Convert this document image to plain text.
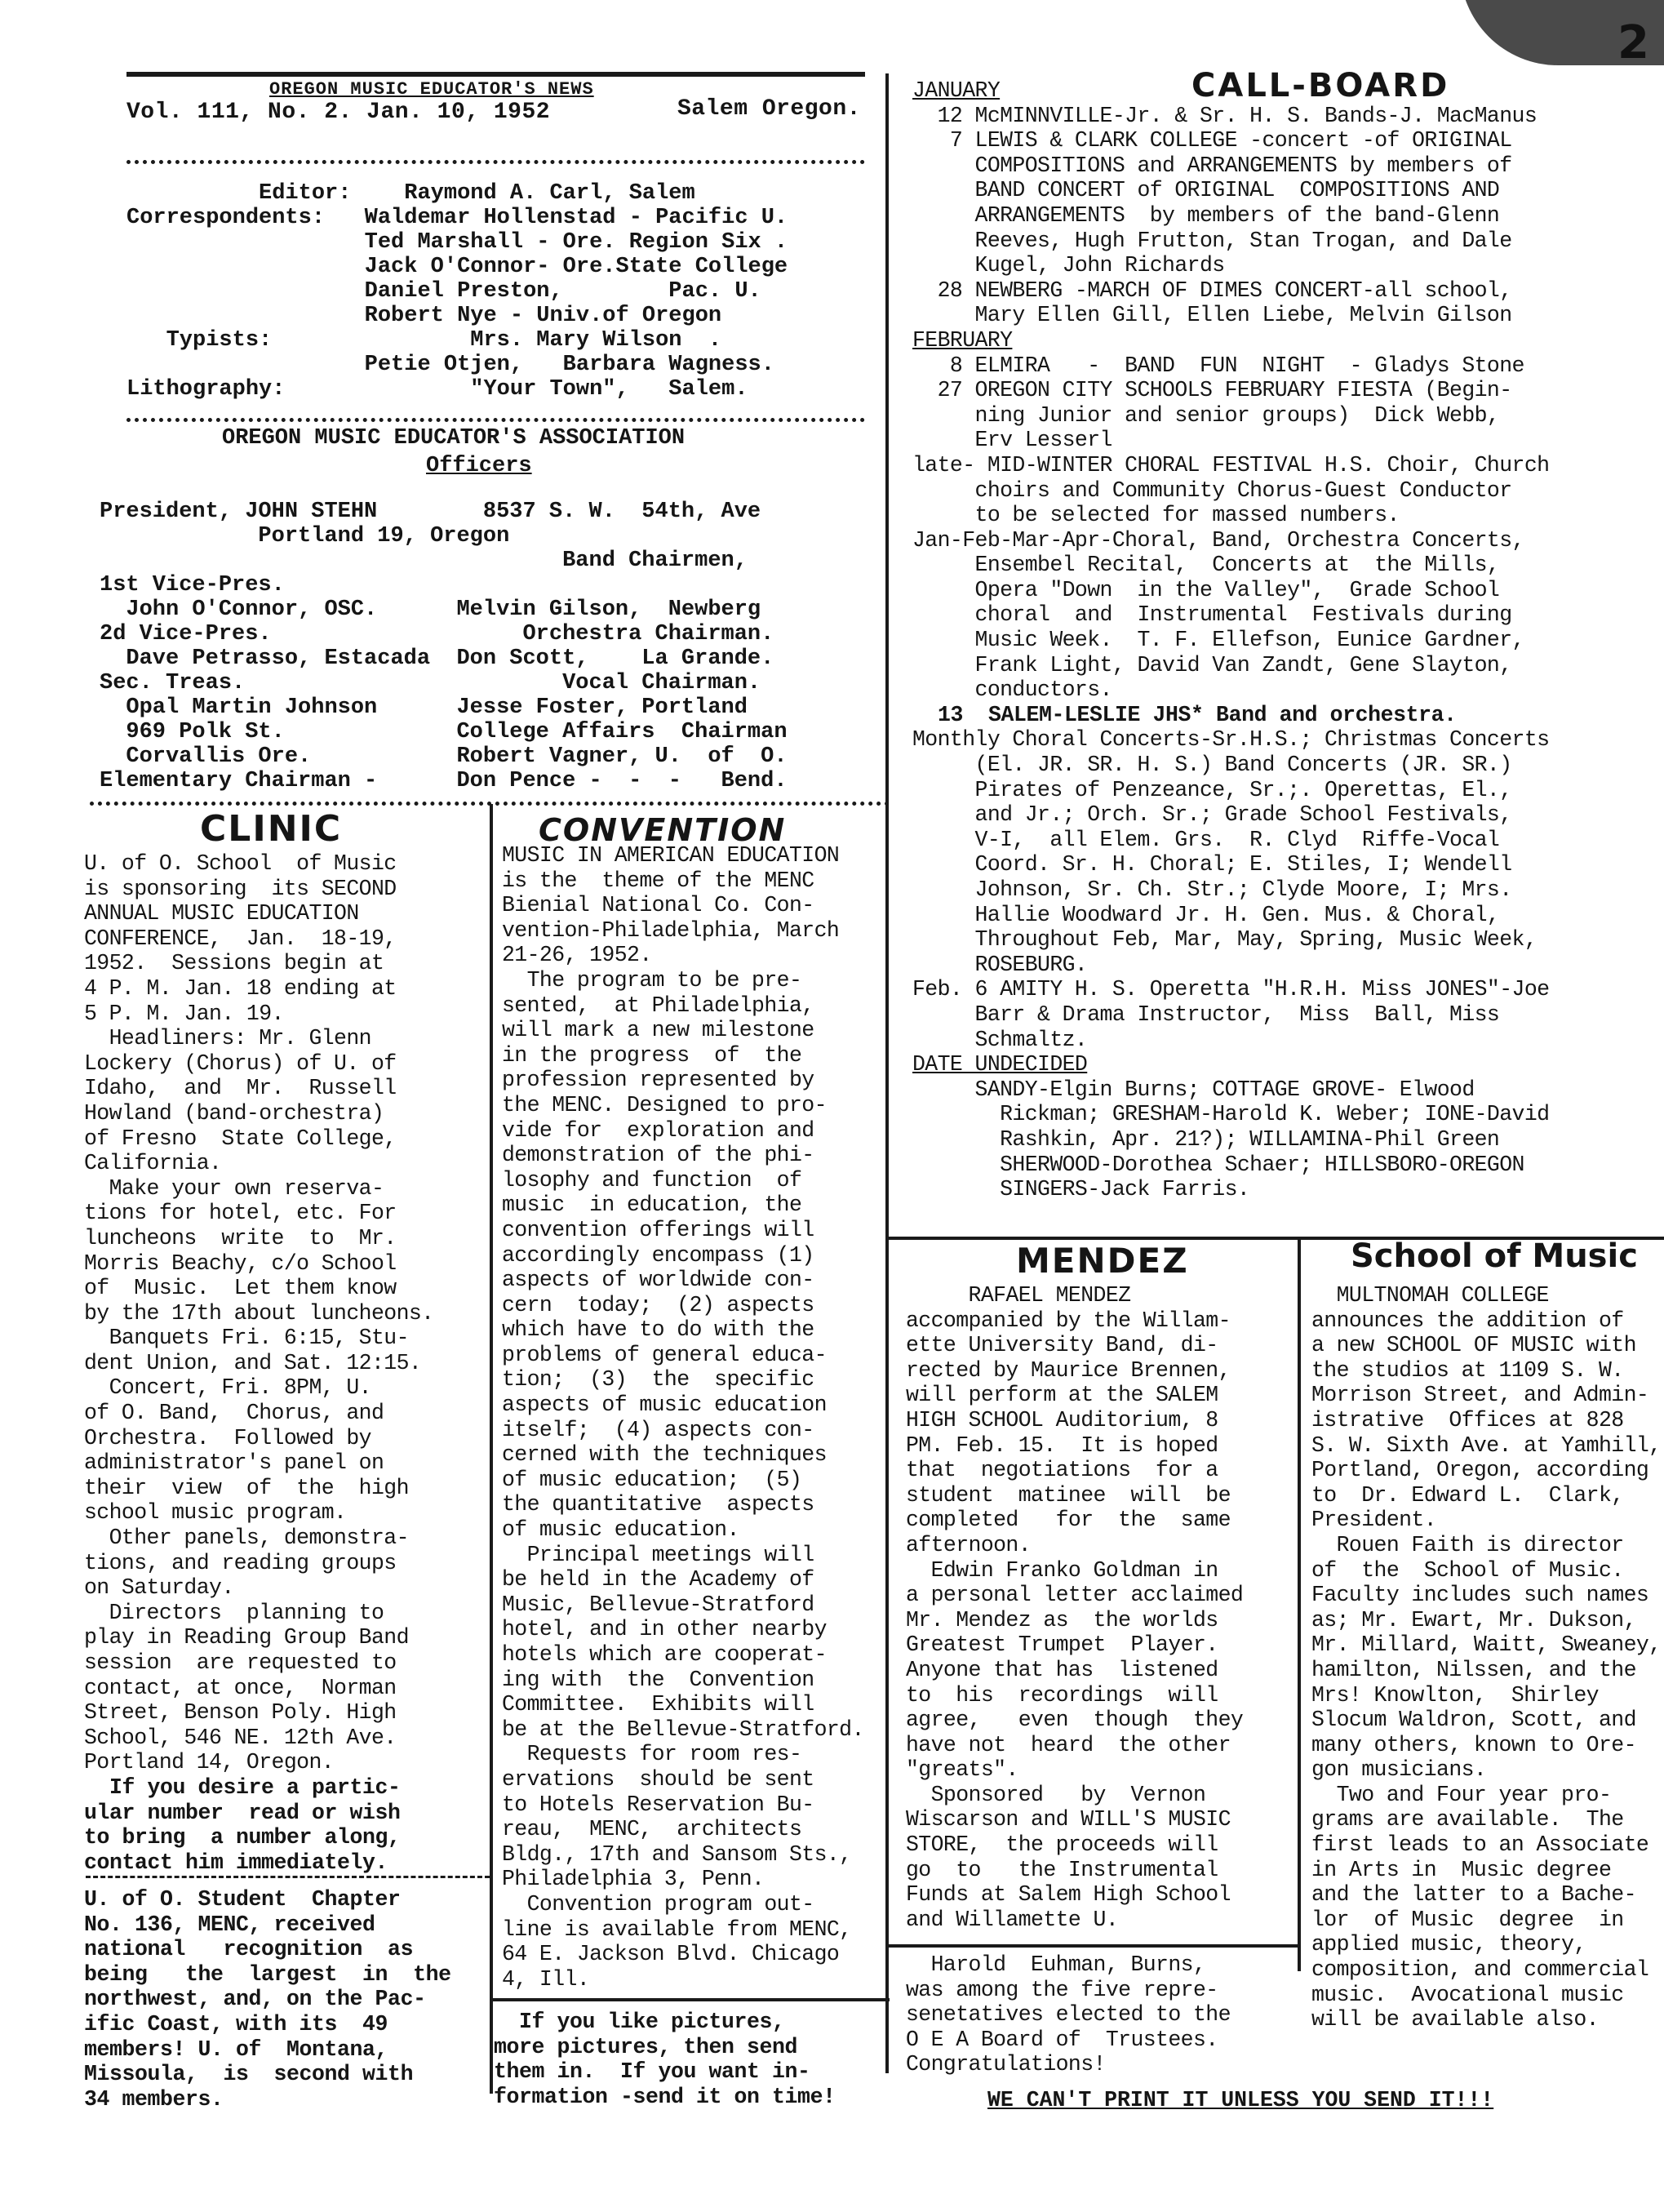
2
OREGON MUSIC EDUCATOR'S NEWS
Vol. 111, No. 2. Jan. 10, 1952	Salem Oregon.
Editor:    Raymond A. Carl, Salem
Correspondents:   Waldemar Hollenstad - Pacific U.
Ted Marshall - Ore. Region Six .
Jack O'Connor- Ore.State College
Daniel Preston,        Pac. U.
Robert Nye - Univ.of Oregon
Typists:               Mrs. Mary Wilson  .
Petie Otjen,   Barbara Wagness.
Lithography:              "Your Town",   Salem.
OREGON MUSIC EDUCATOR'S ASSOCIATION
Officers
President, JOHN STEHN        8537 S. W.  54th, Ave
Portland 19, Oregon
Band Chairmen,
1st Vice-Pres.
John O'Connor, OSC.      Melvin Gilson,  Newberg
2d Vice-Pres.                   Orchestra Chairman.
Dave Petrasso, Estacada  Don Scott,    La Grande.
Sec. Treas.                        Vocal Chairman.
Opal Martin Johnson      Jesse Foster, Portland
969 Polk St.             College Affairs  Chairman
Corvallis Ore.           Robert Vagner, U.  of  O.
Elementary Chairman -      Don Pence -  -  -   Bend.
CLINIC
U. of O. School  of Music
is sponsoring  its SECOND
ANNUAL MUSIC EDUCATION
CONFERENCE,  Jan.  18-19,
1952.  Sessions begin at
4 P. M. Jan. 18 ending at
5 P. M. Jan. 19.
Headliners: Mr. Glenn
Lockery (Chorus) of U. of
Idaho,  and  Mr.  Russell
Howland (band-orchestra)
of Fresno  State College,
California.
Make your own reserva-
tions for hotel, etc. For
luncheons  write  to  Mr.
Morris Beachy, c/o School
of  Music.  Let them know
by the 17th about luncheons.
Banquets Fri. 6:15, Stu-
dent Union, and Sat. 12:15.
Concert, Fri. 8PM, U.
of O. Band,  Chorus, and
Orchestra.  Followed by
administrator's panel on
their  view  of  the  high
school music program.
Other panels, demonstra-
tions, and reading groups
on Saturday.
Directors  planning to
play in Reading Group Band
session  are requested to
contact, at once,  Norman
Street, Benson Poly. High
School, 546 NE. 12th Ave.
Portland 14, Oregon.
If you desire a partic-
ular number  read or wish
to bring  a number along,
contact him immediately.
U. of O. Student  Chapter
No. 136, MENC, received
national   recognition  as
being   the  largest  in  the
northwest, and, on the Pac-
ific Coast, with its  49
members! U. of  Montana,
Missoula,  is  second with
34 members.
CONVENTION
MUSIC IN AMERICAN EDUCATION
is the  theme of the MENC
Bienial National Co. Con-
vention-Philadelphia, March
21-26, 1952.
The program to be pre-
sented,  at Philadelphia,
will mark a new milestone
in the progress  of  the
profession represented by
the MENC. Designed to pro-
vide for  exploration and
demonstration of the phi-
losophy and function  of
music  in education, the
convention offerings will
accordingly encompass (1)
aspects of worldwide con-
cern  today;  (2) aspects
which have to do with the
problems of general educa-
tion;  (3)  the  specific
aspects of music education
itself;  (4) aspects con-
cerned with the techniques
of music education;  (5)
the quantitative  aspects
of music education.
Principal meetings will
be held in the Academy of
Music, Bellevue-Stratford
hotel, and in other nearby
hotels which are cooperat-
ing with  the  Convention
Committee.  Exhibits will
be at the Bellevue-Stratford.
Requests for room res-
ervations  should be sent
to Hotels Reservation Bu-
reau,  MENC,  architects
Bldg., 17th and Sansom Sts.,
Philadelphia 3, Penn.
Convention program out-
line is available from MENC,
64 E. Jackson Blvd. Chicago
4, Ill.
If you like pictures,
more pictures, then send
them in.  If you want in-
formation -send it on time!
CALL-BOARD
JANUARY
12 McMINNVILLE-Jr. & Sr. H. S. Bands-J. MacManus
7 LEWIS & CLARK COLLEGE -concert -of ORIGINAL
COMPOSITIONS and ARRANGEMENTS by members of
BAND CONCERT of ORIGINAL  COMPOSITIONS AND
ARRANGEMENTS  by members of the band-Glenn
Reeves, Hugh Frutton, Stan Trogan, and Dale
Kugel, John Richards
28 NEWBERG -MARCH OF DIMES CONCERT-all school,
Mary Ellen Gill, Ellen Liebe, Melvin Gilson
FEBRUARY
8 ELMIRA   -  BAND  FUN  NIGHT  - Gladys Stone
27 OREGON CITY SCHOOLS FEBRUARY FIESTA (Begin-
ning Junior and senior groups)  Dick Webb,
Erv Lesserl
late- MID-WINTER CHORAL FESTIVAL H.S. Choir, Church
choirs and Community Chorus-Guest Conductor
to be selected for massed numbers.
Jan-Feb-Mar-Apr-Choral, Band, Orchestra Concerts,
Ensembel Recital,  Concerts at  the Mills,
Opera "Down  in the Valley",  Grade School
choral  and  Instrumental  Festivals during
Music Week.  T. F. Ellefson, Eunice Gardner,
Frank Light, David Van Zandt, Gene Slayton,
conductors.
13  SALEM-LESLIE JHS* Band and orchestra.
Monthly Choral Concerts-Sr.H.S.; Christmas Concerts
(El. JR. SR. H. S.) Band Concerts (JR. SR.)
Pirates of Penzeance, Sr.;. Operettas, El.,
and Jr.; Orch. Sr.; Grade School Festivals,
V-I,  all Elem. Grs.  R. Clyd  Riffe-Vocal
Coord. Sr. H. Choral; E. Stiles, I; Wendell
Johnson, Sr. Ch. Str.; Clyde Moore, I; Mrs.
Hallie Woodward Jr. H. Gen. Mus. & Choral,
Throughout Feb, Mar, May, Spring, Music Week,
ROSEBURG.
Feb. 6 AMITY H. S. Operetta "H.R.H. Miss JONES"-Joe
Barr & Drama Instructor,  Miss  Ball, Miss
Schmaltz.
DATE UNDECIDED
SANDY-Elgin Burns; COTTAGE GROVE- Elwood
Rickman; GRESHAM-Harold K. Weber; IONE-David
Rashkin, Apr. 21?); WILLAMINA-Phil Green
SHERWOOD-Dorothea Schaer; HILLSBORO-OREGON
SINGERS-Jack Farris.
MENDEZ
RAFAEL MENDEZ
accompanied by the Willam-
ette University Band, di-
rected by Maurice Brennen,
will perform at the SALEM
HIGH SCHOOL Auditorium, 8
PM. Feb. 15.  It is hoped
that  negotiations  for a
student  matinee  will  be
completed   for  the  same
afternoon.
Edwin Franko Goldman in
a personal letter acclaimed
Mr. Mendez as  the worlds
Greatest Trumpet  Player.
Anyone that has  listened
to  his  recordings  will
agree,   even  though  they
have not  heard  the other
"greats".
Sponsored   by  Vernon
Wiscarson and WILL'S MUSIC
STORE,  the proceeds will
go  to   the Instrumental
Funds at Salem High School
and Willamette U.
Harold  Euhman, Burns,
was among the five repre-
senetatives elected to the
O E A Board of  Trustees.
Congratulations!
School of Music
MULTNOMAH COLLEGE
announces the addition of
a new SCHOOL OF MUSIC with
the studios at 1109 S. W.
Morrison Street, and Admin-
istrative  Offices at 828
S. W. Sixth Ave. at Yamhill,
Portland, Oregon, according
to  Dr. Edward L.  Clark,
President.
Rouen Faith is director
of  the  School of Music.
Faculty includes such names
as; Mr. Ewart, Mr. Dukson,
Mr. Millard, Waitt, Sweaney,
hamilton, Nilssen, and the
Mrs! Knowlton,  Shirley
Slocum Waldron, Scott, and
many others, known to Ore-
gon musicians.
Two and Four year pro-
grams are available.  The
first leads to an Associate
in Arts in  Music degree
and the latter to a Bache-
lor  of Music  degree  in
applied music, theory,
composition, and commercial
music.  Avocational music
will be available also.
WE CAN'T PRINT IT UNLESS YOU SEND IT!!!
